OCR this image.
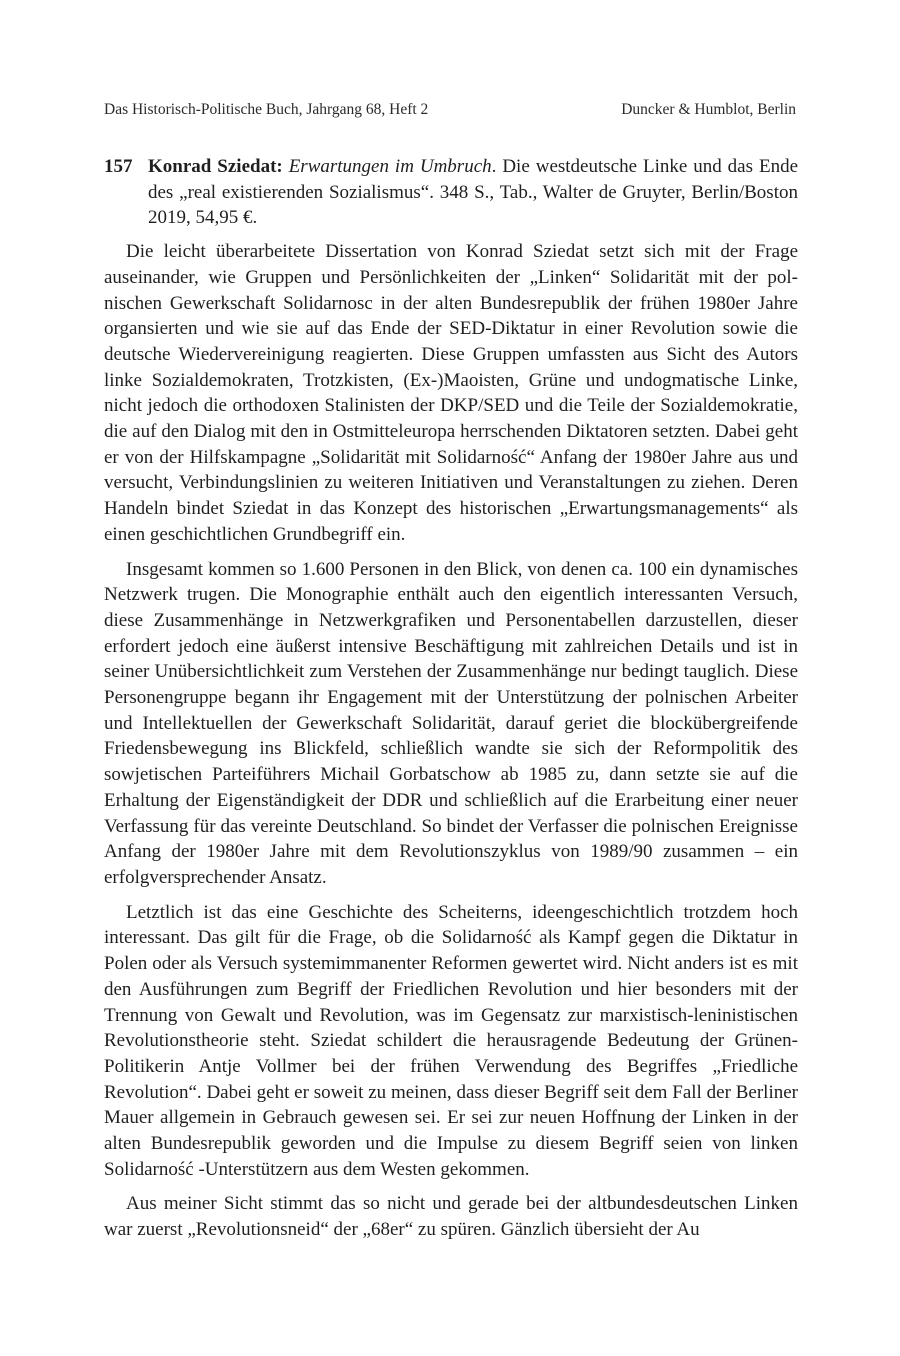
Das Historisch-Politische Buch, Jahrgang 68, Heft 2	Duncker & Humblot, Berlin
157 Konrad Sziedat: Erwartungen im Umbruch. Die westdeutsche Linke und das Ende des „real existierenden Sozialismus“. 348 S., Tab., Walter de Gruyter, Berlin/Boston 2019, 54,95 €.

Die leicht überarbeitete Dissertation von Konrad Sziedat setzt sich mit der Frage auseinander, wie Gruppen und Persönlichkeiten der „Linken“ Solidarität mit der polnischen Gewerkschaft Solidarnosc in der alten Bundesrepublik der frühen 1980er Jahre organsierten und wie sie auf das Ende der SED-Diktatur in einer Revolution sowie die deutsche Wiedervereinigung reagierten. Diese Gruppen umfassten aus Sicht des Autors linke Sozialdemokraten, Trotzkisten, (Ex-)Maoisten, Grüne und undogmatische Linke, nicht jedoch die orthodoxen Stalinisten der DKP/SED und die Teile der Sozialdemokratie, die auf den Dialog mit den in Ostmitteleuropa herrschenden Diktatoren setzten. Dabei geht er von der Hilfskampagne „Solidarität mit Solidarność“ Anfang der 1980er Jahre aus und versucht, Verbindungslinien zu weiteren Initiativen und Veranstaltungen zu ziehen. Deren Handeln bindet Sziedat in das Konzept des historischen „Erwartungsmanagements“ als einen geschichtlichen Grundbegriff ein.

Insgesamt kommen so 1.600 Personen in den Blick, von denen ca. 100 ein dynamisches Netzwerk trugen. Die Monographie enthält auch den eigentlich interessanten Versuch, diese Zusammenhänge in Netzwerkgrafiken und Personentabellen darzustellen, dieser erfordert jedoch eine äußerst intensive Beschäftigung mit zahlreichen Details und ist in seiner Unübersichtlichkeit zum Verstehen der Zusammenhänge nur bedingt tauglich. Diese Personengruppe begann ihr Engagement mit der Unterstützung der polnischen Arbeiter und Intellektuellen der Gewerkschaft Solidarität, darauf geriet die blockübergreifende Friedensbewegung ins Blickfeld, schließlich wandte sie sich der Reformpolitik des sowjetischen Parteiführers Michail Gorbatschow ab 1985 zu, dann setzte sie auf die Erhaltung der Eigenständigkeit der DDR und schließlich auf die Erarbeitung einer neuer Verfassung für das vereinte Deutschland. So bindet der Verfasser die polnischen Ereignisse Anfang der 1980er Jahre mit dem Revolutionszyklus von 1989/90 zusammen – ein erfolgversprechender Ansatz.

Letztlich ist das eine Geschichte des Scheiterns, ideengeschichtlich trotzdem hoch interessant. Das gilt für die Frage, ob die Solidarność als Kampf gegen die Diktatur in Polen oder als Versuch systemimmanenter Reformen gewertet wird. Nicht anders ist es mit den Ausführungen zum Begriff der Friedlichen Revolution und hier besonders mit der Trennung von Gewalt und Revolution, was im Gegensatz zur marxistisch-leninistischen Revolutionstheorie steht. Sziedat schildert die herausragende Bedeutung der Grünen-Politikerin Antje Vollmer bei der frühen Verwendung des Begriffes „Friedliche Revolution“. Dabei geht er soweit zu meinen, dass dieser Begriff seit dem Fall der Berliner Mauer allgemein in Gebrauch gewesen sei. Er sei zur neuen Hoffnung der Linken in der alten Bundesrepublik geworden und die Impulse zu diesem Begriff seien von linken Solidarność -Unterstützern aus dem Westen gekommen.

Aus meiner Sicht stimmt das so nicht und gerade bei der altbundesdeutschen Linken war zuerst „Revolutionsneid“ der „68er“ zu spüren. Gänzlich übersieht der Au
